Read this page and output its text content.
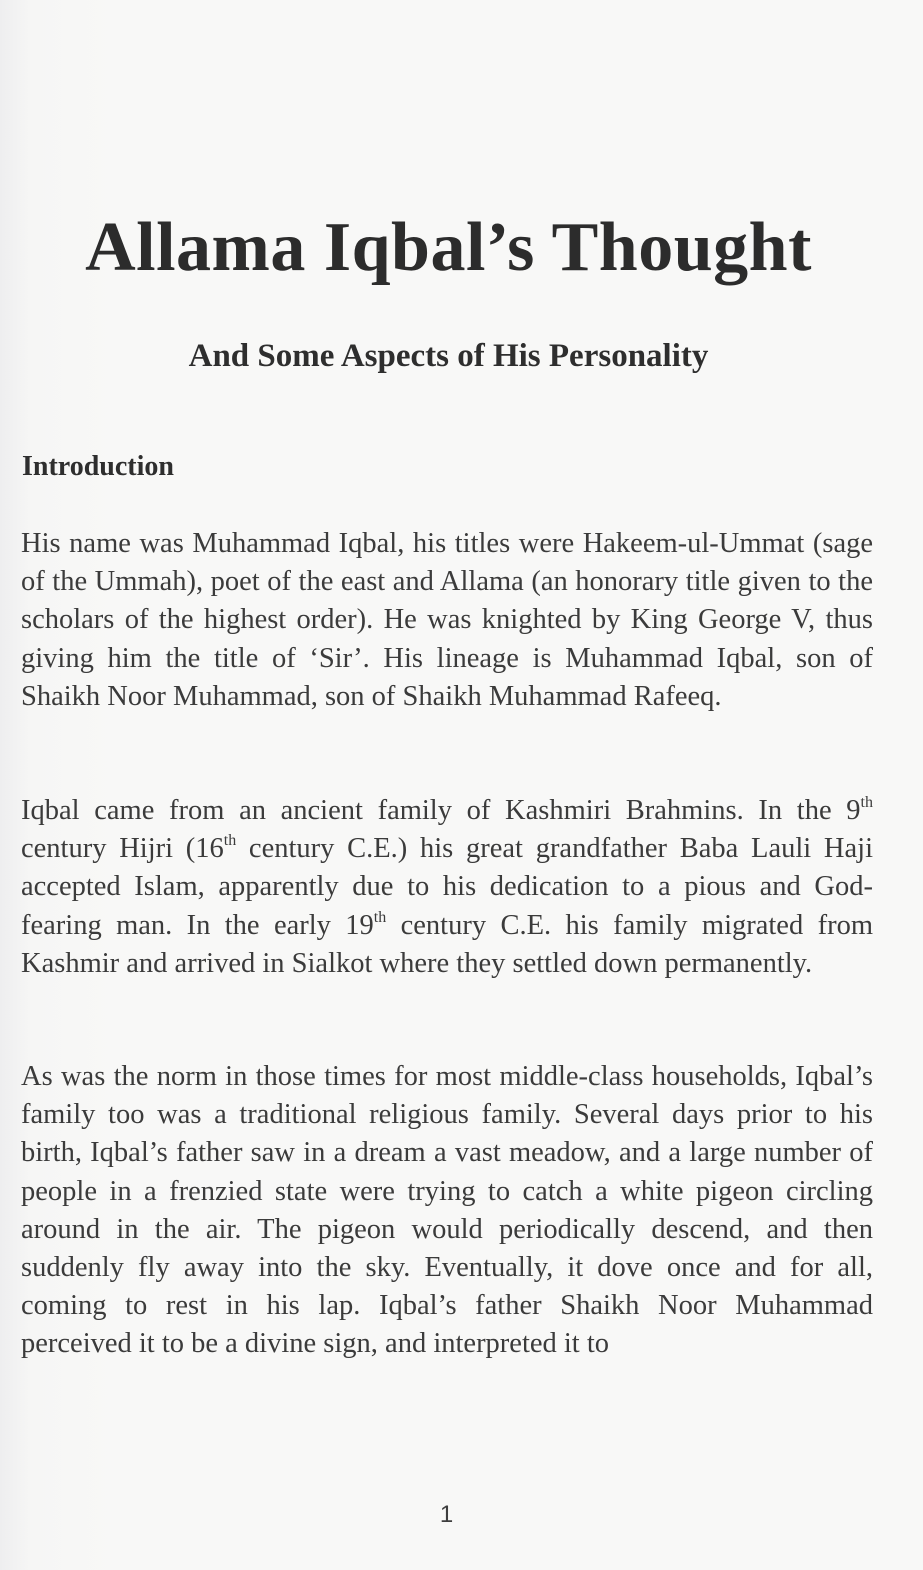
Allama Iqbal’s Thought
And Some Aspects of His Personality
Introduction

His name was Muhammad Iqbal, his titles were Hakeem-ul-Ummat (sage of the Ummah), poet of the east and Allama (an honorary title given to the scholars of the highest order). He was knighted by King George V, thus giving him the title of ‘Sir’. His lineage is Muhammad Iqbal, son of Shaikh Noor Muhammad, son of Shaikh Muhammad Rafeeq.

Iqbal came from an ancient family of Kashmiri Brahmins. In the 9th century Hijri (16th century C.E.) his great grandfather Baba Lauli Haji accepted Islam, apparently due to his dedication to a pious and God-fearing man. In the early 19th century C.E. his family migrated from Kashmir and arrived in Sialkot where they settled down permanently.

As was the norm in those times for most middle-class households, Iqbal’s family too was a traditional religious family. Several days prior to his birth, Iqbal’s father saw in a dream a vast meadow, and a large number of people in a frenzied state were trying to catch a white pigeon circling around in the air. The pigeon would periodically descend, and then suddenly fly away into the sky. Eventually, it dove once and for all, coming to rest in his lap. Iqbal’s father Shaikh Noor Muhammad perceived it to be a divine sign, and interpreted it to

1
